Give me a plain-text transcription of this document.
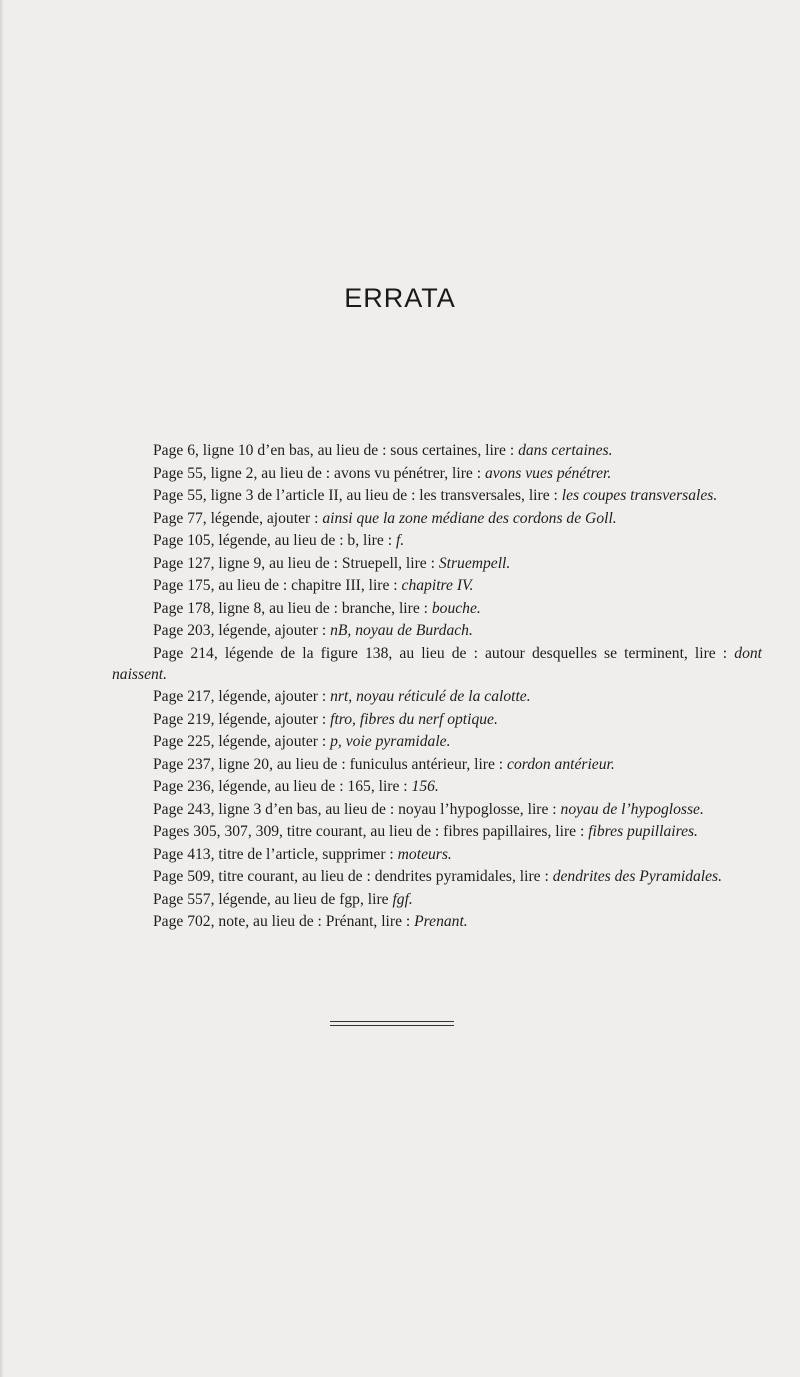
ERRATA

Page 6, ligne 10 d’en bas, au lieu de : sous certaines, lire : dans certaines.

Page 55, ligne 2, au lieu de : avons vu pénétrer, lire : avons vues pénétrer.

Page 55, ligne 3 de l’article II, au lieu de : les transversales, lire : les coupes transversales.

Page 77, légende, ajouter : ainsi que la zone médiane des cordons de Goll.

Page 105, légende, au lieu de : b, lire : f.

Page 127, ligne 9, au lieu de : Struepell, lire : Struempell.

Page 175, au lieu de : chapitre III, lire : chapitre IV.

Page 178, ligne 8, au lieu de : branche, lire : bouche.

Page 203, légende, ajouter : nB, noyau de Burdach.

Page 214, légende de la figure 138, au lieu de : autour desquelles se terminent, lire : dont naissent.

Page 217, légende, ajouter : nrt, noyau réticulé de la calotte.

Page 219, légende, ajouter : ftro, fibres du nerf optique.

Page 225, légende, ajouter : p, voie pyramidale.

Page 237, ligne 20, au lieu de : funiculus antérieur, lire : cordon antérieur.

Page 236, légende, au lieu de : 165, lire : 156.

Page 243, ligne 3 d’en bas, au lieu de : noyau l’hypoglosse, lire : noyau de l’hypoglosse.

Pages 305, 307, 309, titre courant, au lieu de : fibres papillaires, lire : fibres pupillaires.

Page 413, titre de l’article, supprimer : moteurs.

Page 509, titre courant, au lieu de : dendrites pyramidales, lire : dendrites des Pyramidales.

Page 557, légende, au lieu de fgp, lire fgf.

Page 702, note, au lieu de : Prénant, lire : Prenant.
